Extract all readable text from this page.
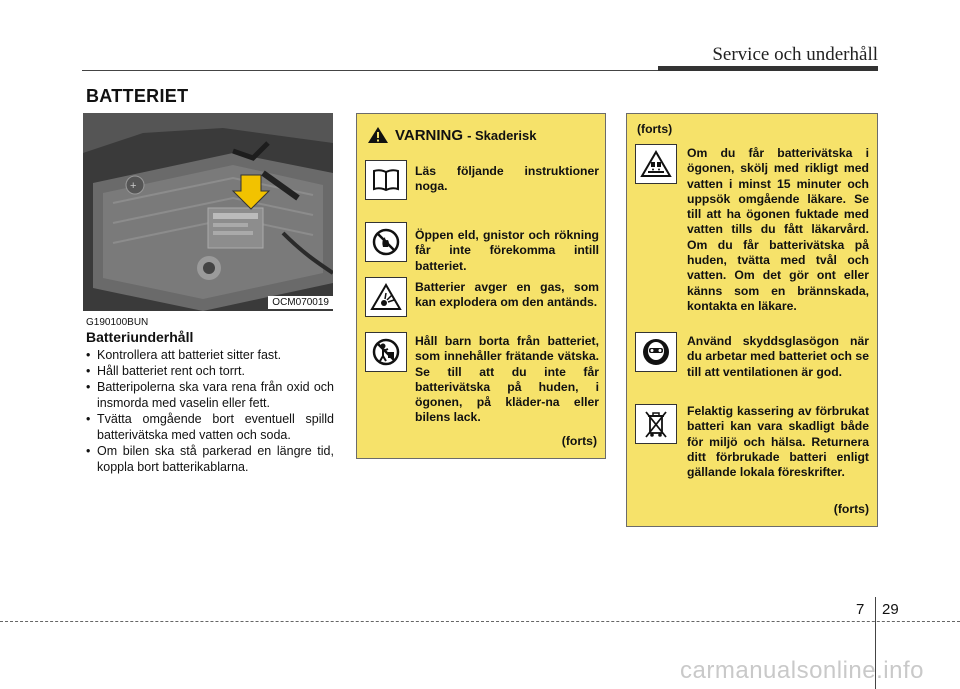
Service och underhåll
BATTERIET
+
OCM070019
G190100BUN
Batteriunderhåll
• Kontrollera att batteriet sitter fast.
• Håll batteriet rent och torrt.
• Batteripolerna ska vara rena från oxid och insmorda med vaselin eller fett.
• Tvätta omgående bort eventuell spilld batterivätska med vatten och soda.
• Om bilen ska stå parkerad en längre tid, koppla bort batterikablarna.
VARNING - Skaderisk
Läs följande instruktioner noga.
Öppen eld, gnistor och rökning får inte förekomma intill batteriet.
Batterier avger en gas, som kan explodera om den antänds.
Håll barn borta från batteriet, som innehåller frätande vätska. Se till att du inte får batterivätska på huden, i ögonen, på kläder-na eller bilens lack.
(forts)
(forts)
Om du får batterivätska i ögonen, skölj med rikligt med vatten i minst 15 minuter och uppsök omgående läkare. Se till att ha ögonen fuktade med vatten tills du fått läkarvård. Om du får batterivätska på huden, tvätta med tvål och vatten. Om det gör ont eller känns som en brännskada, kontakta en läkare.
Använd skyddsglasögon när du arbetar med batteriet och se till att ventilationen är god.
Felaktig kassering av förbrukat batteri kan vara skadligt både för miljö och hälsa. Returnera ditt förbrukade batteri enligt gällande lokala föreskrifter.
(forts)
7 29
carmanualsonline.info
